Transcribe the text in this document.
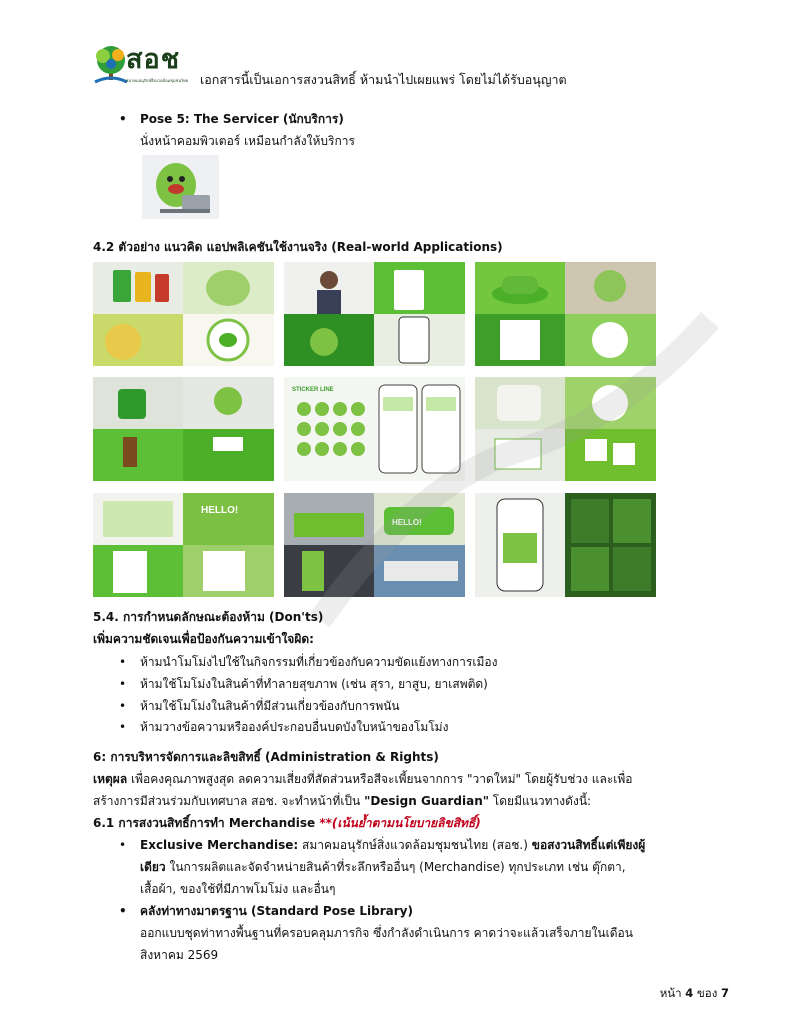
สอช
สมาคมอนุรักษ์สิ่งแวดล้อมชุมชนไทย เอกสารนี้เป็นเอการสงวนสิทธิ์ ห้ามนำไปเผยแพร่ โดยไม่ได้รับอนุญาต
• Pose 5: The Servicer (นักบริการ)
นั่งหน้าคอมพิวเตอร์ เหมือนกำลังให้บริการ
4.2 ตัวอย่าง แนวคิด แอปพลิเคชันใช้งานจริง (Real-world Applications)
STICKER LINE
HELLO!
HELLO!
5.4. การกำหนดลักษณะต้องห้าม (Don'ts)
เพิ่มความชัดเจนเพื่อป้องกันความเข้าใจผิด:
• ห้ามนำโมโม่งไปใช้ในกิจกรรมที่เกี่ยวข้องกับความขัดแย้งทางการเมือง
• ห้ามใช้โมโม่งในสินค้าที่ทำลายสุขภาพ (เช่น สุรา, ยาสูบ, ยาเสพติด)
• ห้ามใช้โมโม่งในสินค้าที่มีส่วนเกี่ยวข้องกับการพนัน
• ห้ามวางข้อความหรือองค์ประกอบอื่นบดบังใบหน้าของโมโม่ง
6: การบริหารจัดการและลิขสิทธิ์ (Administration & Rights)
เหตุผล เพื่อคงคุณภาพสูงสุด ลดความเสี่ยงที่สัดส่วนหรือสีจะเพี้ยนจากการ "วาดใหม่" โดยผู้รับช่วง และเพื่อ
สร้างการมีส่วนร่วมกับเทศบาล สอช. จะทำหน้าที่เป็น "Design Guardian" โดยมีแนวทางดังนี้:
6.1 การสงวนสิทธิ์การทำ Merchandise **(เน้นย้ำตามนโยบายลิขสิทธิ์)
• Exclusive Merchandise: สมาคมอนุรักษ์สิ่งแวดล้อมชุมชนไทย (สอช.) ขอสงวนสิทธิ์แต่เพียงผู้
เดียว ในการผลิตและจัดจำหน่ายสินค้าที่ระลึกหรืออื่นๆ (Merchandise) ทุกประเภท เช่น ตุ๊กตา,
เสื้อผ้า, ของใช้ที่มีภาพโมโม่ง และอื่นๆ
• คลังท่าทางมาตรฐาน (Standard Pose Library)
ออกแบบชุดท่าทางพื้นฐานที่ครอบคลุมภารกิจ ซึ่งกำลังดำเนินการ คาดว่าจะแล้วเสร็จภายในเดือน
สิงหาคม 2569
หน้า 4 ของ 7
